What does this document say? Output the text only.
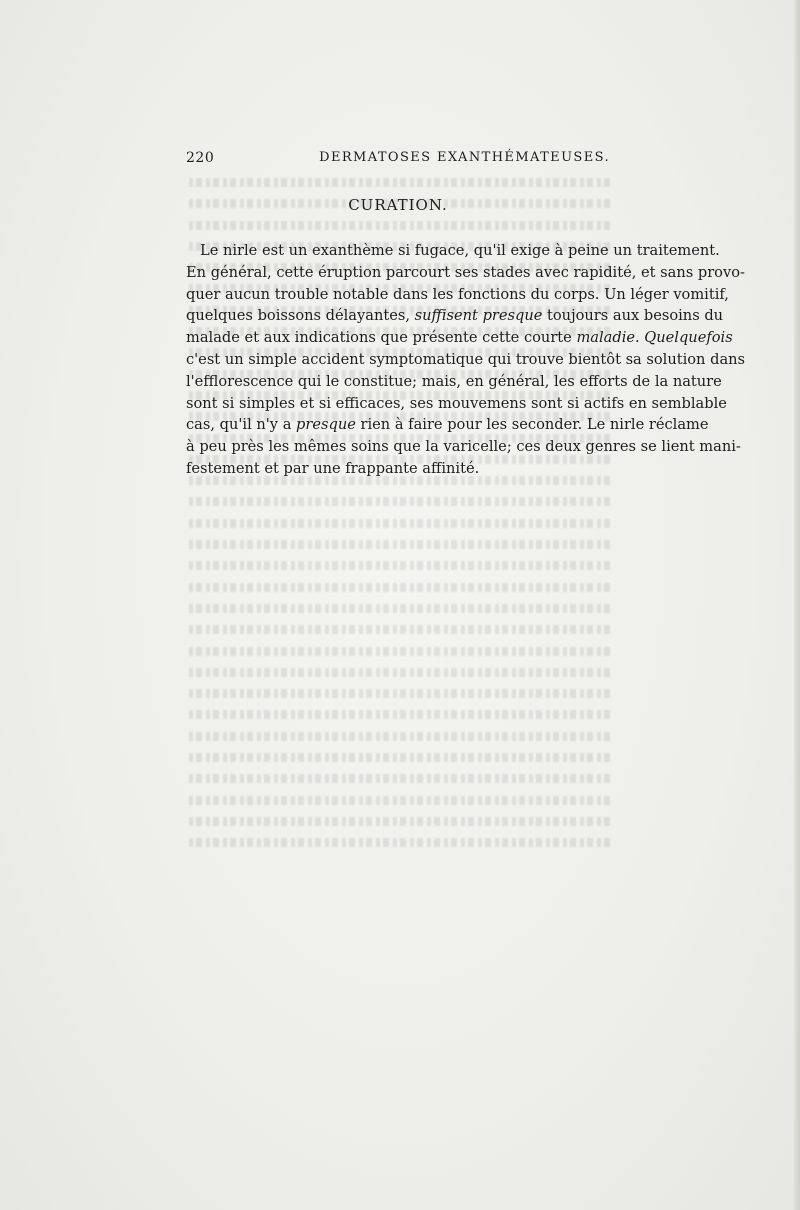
220	DERMATOSES EXANTHÉMATEUSES.
CURATION.
Le nirle est un exanthème si fugace, qu'il exige à peine un traitement.
En général, cette éruption parcourt ses stades avec rapidité, et sans provo-
quer aucun trouble notable dans les fonctions du corps. Un léger vomitif,
quelques boissons délayantes, suffisent presque toujours aux besoins du
malade et aux indications que présente cette courte maladie. Quelquefois
c'est un simple accident symptomatique qui trouve bientôt sa solution dans
l'efflorescence qui le constitue; mais, en général, les efforts de la nature
sont si simples et si efficaces, ses mouvemens sont si actifs en semblable
cas, qu'il n'y a presque rien à faire pour les seconder. Le nirle réclame
à peu près les mêmes soins que la varicelle; ces deux genres se lient mani-
festement et par une frappante affinité.
